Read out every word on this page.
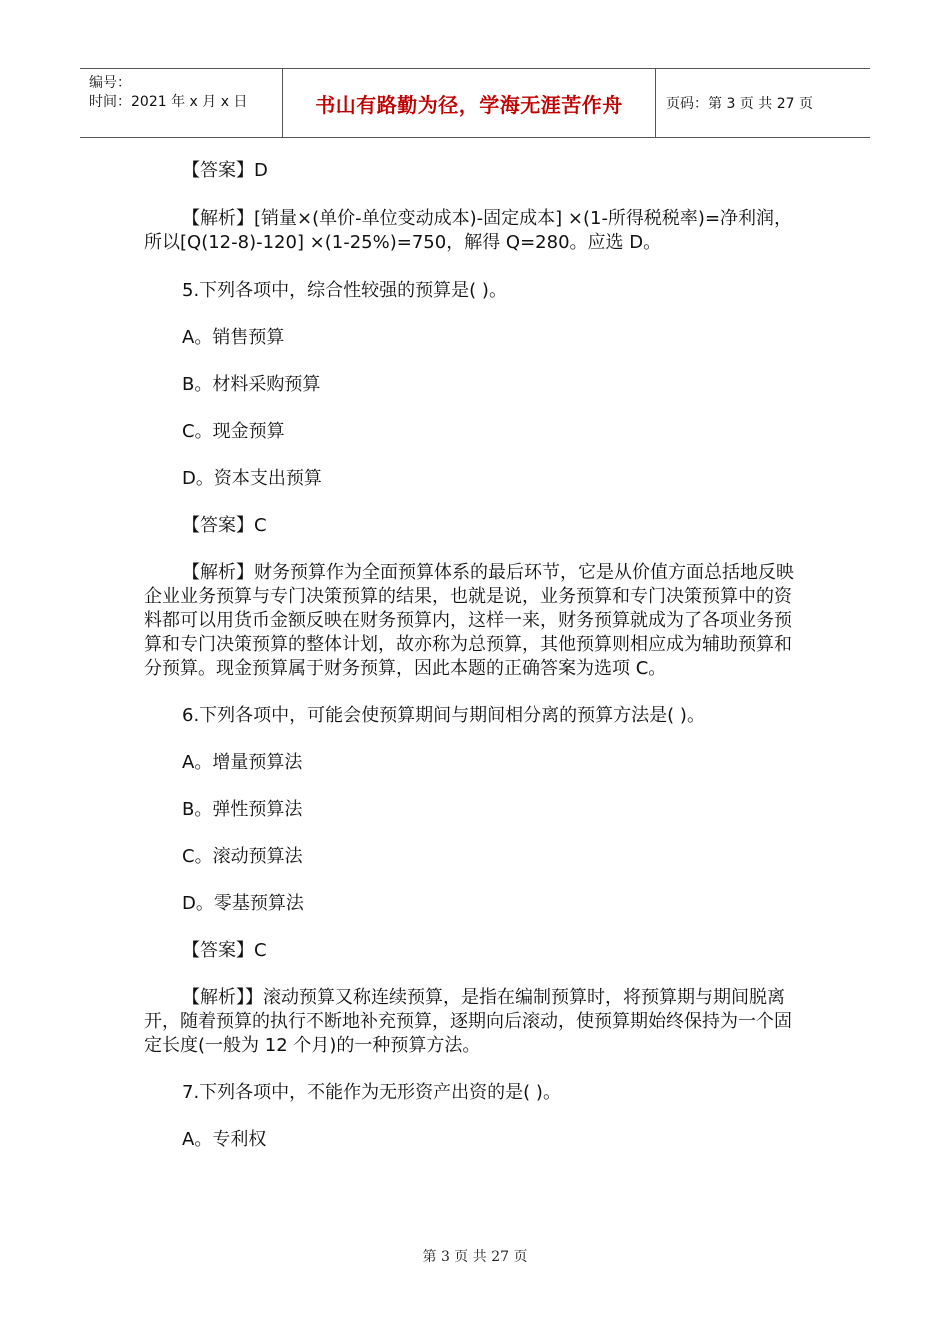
编号：
时间：2021 年 x 月 x 日	书山有路勤为径，学海无涯苦作舟	页码：第 3 页 共 27 页

【答案】D

【解析】[销量×(单价-单位变动成本)-固定成本] ×(1-所得税税率)=净利润，所以[Q(12-8)-120] ×(1-25%)=750，解得 Q=280。应选 D。

5.下列各项中，综合性较强的预算是( )。

A。销售预算

B。材料采购预算

C。现金预算

D。资本支出预算

【答案】C

【解析】财务预算作为全面预算体系的最后环节，它是从价值方面总括地反映企业业务预算与专门决策预算的结果，也就是说，业务预算和专门决策预算中的资料都可以用货币金额反映在财务预算内，这样一来，财务预算就成为了各项业务预算和专门决策预算的整体计划，故亦称为总预算，其他预算则相应成为辅助预算和分预算。现金预算属于财务预算，因此本题的正确答案为选项 C。

6.下列各项中，可能会使预算期间与期间相分离的预算方法是( )。

A。增量预算法

B。弹性预算法

C。滚动预算法

D。零基预算法

【答案】C

【解析】】滚动预算又称连续预算，是指在编制预算时，将预算期与期间脱离开，随着预算的执行不断地补充预算，逐期向后滚动，使预算期始终保持为一个固定长度(一般为 12 个月)的一种预算方法。

7.下列各项中，不能作为无形资产出资的是( )。

A。专利权

第 3 页 共 27 页
